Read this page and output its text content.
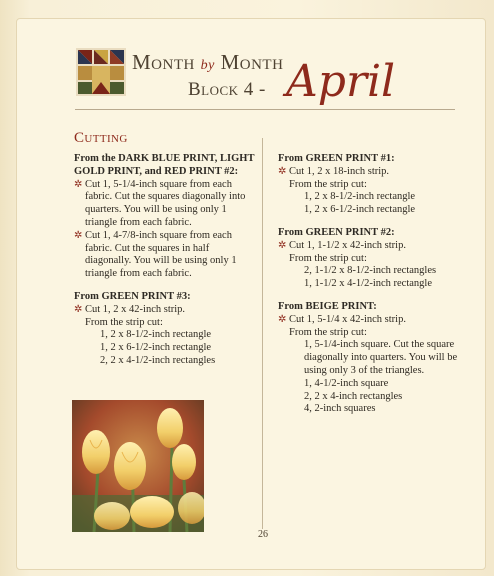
Month by Month
Block 4 - April
Cutting
From the DARK BLUE PRINT, LIGHT GOLD PRINT, and RED PRINT #2:
✲ Cut 1, 5-1/4-inch square from each fabric. Cut the squares diagonally into quarters. You will be using only 1 triangle from each fabric.
✲ Cut 1, 4-7/8-inch square from each fabric. Cut the squares in half diagonally. You will be using only 1 triangle from each fabric.
From GREEN PRINT #3:
✲ Cut 1, 2 x 42-inch strip.
From the strip cut:
1, 2 x 8-1/2-inch rectangle
1, 2 x 6-1/2-inch rectangle
2, 2 x 4-1/2-inch rectangles
From GREEN PRINT #1:
✲ Cut 1, 2 x 18-inch strip.
From the strip cut:
1, 2 x 8-1/2-inch rectangle
1, 2 x 6-1/2-inch rectangle
From GREEN PRINT #2:
✲ Cut 1, 1-1/2 x 42-inch strip.
From the strip cut:
2, 1-1/2 x 8-1/2-inch rectangles
1, 1-1/2 x 4-1/2-inch rectangle
From BEIGE PRINT:
✲ Cut 1, 5-1/4 x 42-inch strip.
From the strip cut:
1, 5-1/4-inch square. Cut the square diagonally into quarters. You will be using only 3 of the triangles.
1, 4-1/2-inch square
2, 2 x 4-inch rectangles
4, 2-inch squares
26
